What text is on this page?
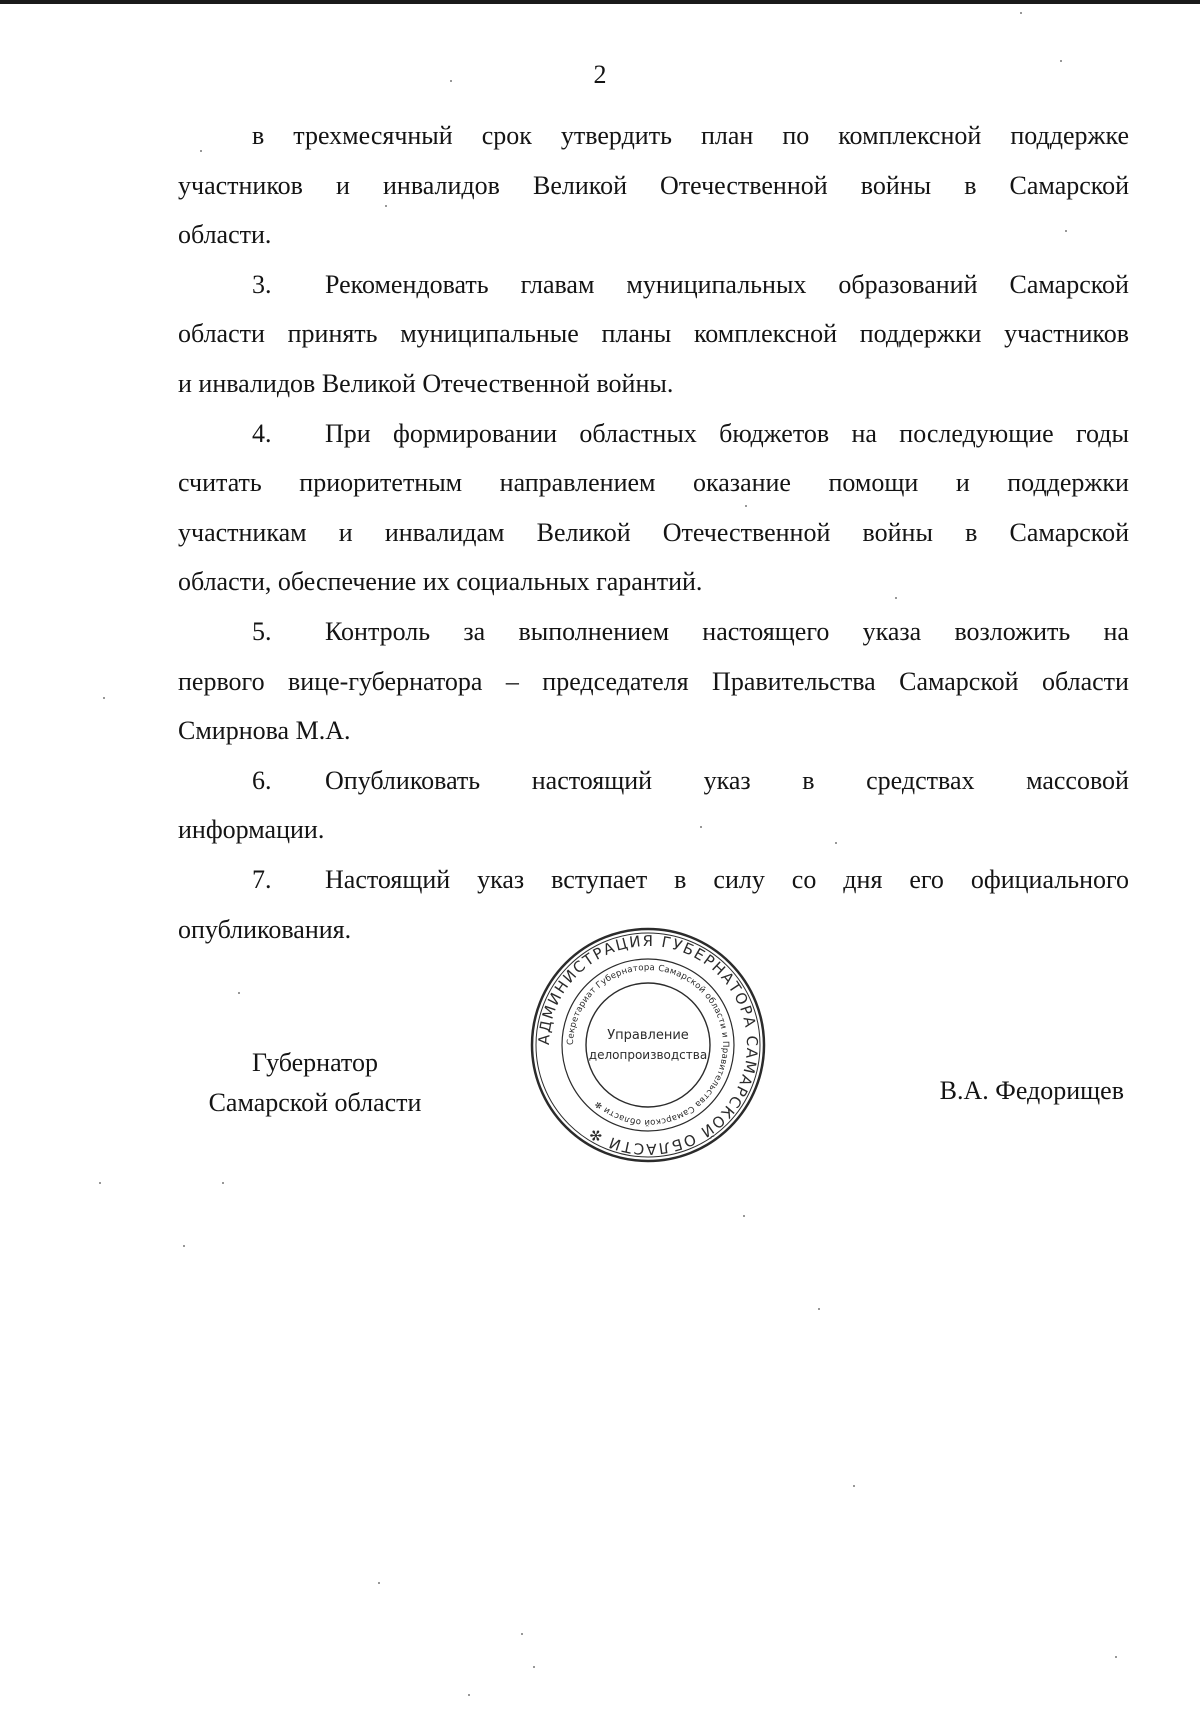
2
в трехмесячный срок утвердить план по комплексной поддержке
участников и инвалидов Великой Отечественной войны в Самарской
области.
3. Рекомендовать главам муниципальных образований Самарской
области принять муниципальные планы комплексной поддержки участников
и инвалидов Великой Отечественной войны.
4. При формировании областных бюджетов на последующие годы
считать приоритетным направлением оказание помощи и поддержки
участникам и инвалидам Великой Отечественной войны в Самарской
области, обеспечение их социальных гарантий.
5. Контроль за выполнением настоящего указа возложить на
первого вице-губернатора – председателя Правительства Самарской области
Смирнова М.А.
6. Опубликовать настоящий указ в средствах массовой
информации.
7. Настоящий указ вступает в силу со дня его официального
опубликования.
Губернатор
Самарской области
АДМИНИСТРАЦИЯ ГУБЕРНАТОРА САМАРСКОЙ ОБЛАСТИ ✻
Секретариат Губернатора Самарской области и Правительства Самарской области ✻
Управление
делопроизводства
В.А. Федорищев
